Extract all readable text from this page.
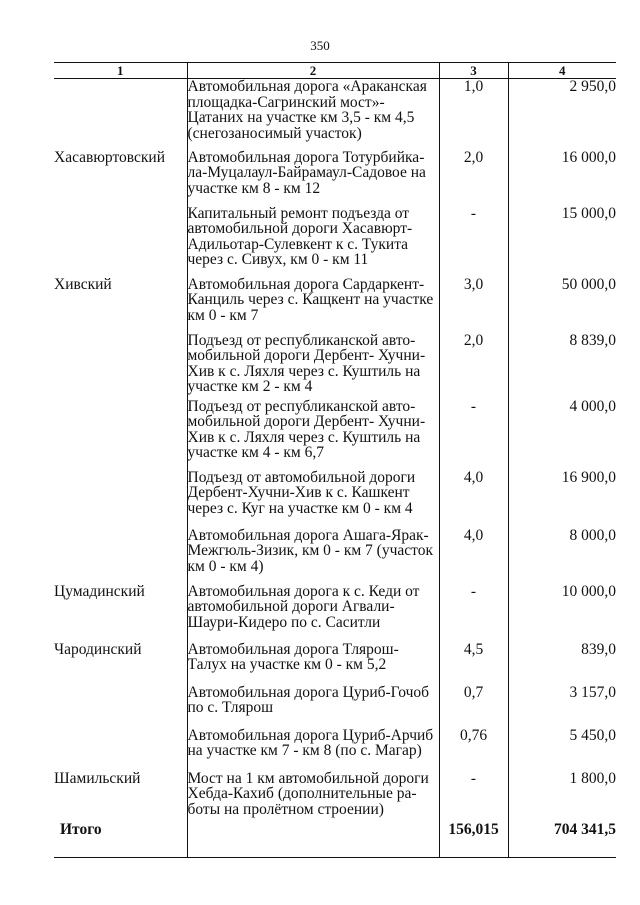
350
1	2	3	4

	Автомобильная дорога «Араканская
площадка-Сагринский мост»-
Цатаних на участке км 3,5 - км 4,5
(снегозаносимый участок)	1,0	2 950,0
Хасавюртовский	Автомобильная дорога Тотурбийка-
ла-Муцалаул-Байрамаул-Садовое на
участке км 8 - км 12	2,0	16 000,0

	Капитальный ремонт подъезда от
автомобильной дороги Хасавюрт-
Адильотар-Сулевкент к с. Тукита
через с. Сивух, км 0 - км 11	-	15 000,0
Хивский	Автомобильная дорога Сардаркент-
Канциль через с. Кащкент на участке
км 0 - км 7	3,0	50 000,0

	Подъезд от республиканской авто-
мобильной дороги Дербент- Хучни-
Хив к с. Ляхля через с. Куштиль на
участке км 2 - км 4	2,0	8 839,0

	Подъезд от республиканской авто-
мобильной дороги Дербент- Хучни-
Хив к с. Ляхля через с. Куштиль на
участке км 4 - км 6,7	-	4 000,0

	Подъезд от автомобильной дороги
Дербент-Хучни-Хив к с. Кашкент
через с. Куг на участке км 0 - км 4	4,0	16 900,0

	Автомобильная дорога Ашага-Ярак-
Межгюль-Зизик, км 0 - км 7 (участок
км 0 - км 4)	4,0	8 000,0
Цумадинский	Автомобильная дорога к с. Кеди от
автомобильной дороги Агвали-
Шаури-Кидеро по с. Саситли	-	10 000,0
Чародинский	Автомобильная дорога Тлярош-
Талух на участке км 0 - км 5,2	4,5	839,0

	Автомобильная дорога Цуриб-Гочоб
по с. Тлярош	0,7	3 157,0

	Автомобильная дорога Цуриб-Арчиб
на участке км 7 - км 8 (по с. Магар)	0,76	5 450,0
Шамильский	Мост на 1 км автомобильной дороги
Хебда-Кахиб (дополнительные ра-
боты на пролётном строении)	-	1 800,0
Итого		156,015	704 341,5
